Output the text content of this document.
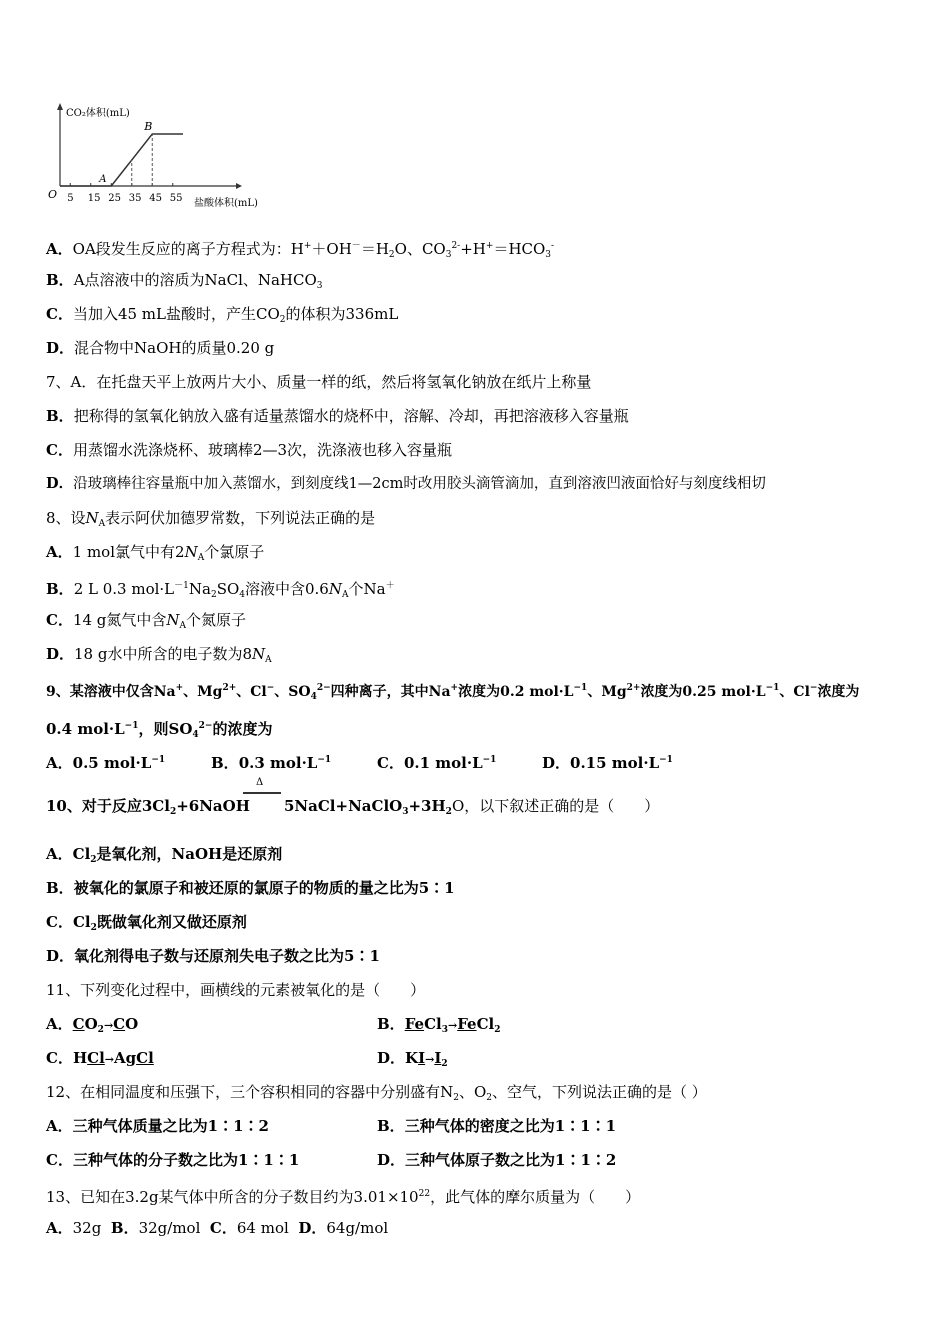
CO₂体积(mL)
O
盐酸体积(mL)
5 15 25 35 45 55
A
B
A．OA段发生反应的离子方程式为：$H^++OH^-=H_2O$、$CO_3^{2-}+H^+=HCO_3^-$
B．A点溶液中的溶质为NaCl、NaHCO$_3$
C．当加入45 mL盐酸时，产生$CO_2$的体积为336mL
D．混合物中NaOH的质量0.20 g
7、A．在托盘天平上放两片大小、质量一样的纸，然后将氢氧化钠放在纸片上称量
B．把称得的氢氧化钠放入盛有适量蒸馏水的烧杯中，溶解、冷却，再把溶液移入容量瓶
C．用蒸馏水洗涤烧杯、玻璃棒2—3次，洗涤液也移入容量瓶
D．沿玻璃棒往容量瓶中加入蒸馏水，到刻度线1—2cm时改用胶头滴管滴加，直到溶液凹液面恰好与刻度线相切
8、设$N_A$表示阿伏加德罗常数，下列说法正确的是
A．1 mol氯气中有$2N_A$个氯原子
B．2 L 0.3 $mol\cdot L^{-1}Na_2SO_4$溶液中含$0.6N_A$个Na＋
C．14 g氮气中含$N_A$个氮原子
D．18 g水中所含的电子数为$8N_A$
9、某溶液中仅含Na+、$Mg^{2+}$、Cl−、$SO_4^{2-}$四种离子，其中Na+浓度为0.2 $mol\cdot L^{-1}$、$Mg^{2+}$浓度为0.25 $mol\cdot L^{-1}$、Cl−浓度为
0.4 $mol\cdot L^{-1}$，则$SO_4^{2-}$的浓度为
A．0.5 $mol\cdot L^{-1}$	B．0.3 $mol\cdot L^{-1}$	C．0.1 $mol\cdot L^{-1}$	D．0.15 $mol\cdot L^{-1}$
10、对于反应$3Cl_2+6NaOH$
Δ
$5NaCl+NaClO_3+3H_2O$，以下叙述正确的是（　　）
A．$Cl_2$是氧化剂，NaOH是还原剂
B．被氧化的氯原子和被还原的氯原子的物质的量之比为5∶1
C．$Cl_2$既做氧化剂又做还原剂
D．氧化剂得电子数与还原剂失电子数之比为5∶1
11、下列变化过程中，画横线的元素被氧化的是（　　）
A．$CO_2\to CO$	B．FeCl$_3$→FeCl$_2$
C．HCl→AgCl	D．$KI\to I_2$
12、在相同温度和压强下，三个容积相同的容器中分别盛有$N_2$、$O_2$、空气，下列说法正确的是（ ）
A．三种气体质量之比为1∶1∶2	B．三种气体的密度之比为1∶1∶1
C．三种气体的分子数之比为1∶1∶1	D．三种气体原子数之比为1∶1∶2
13、已知在3.2g某气体中所含的分子数目约为$3.01\times 10^{22}$，此气体的摩尔质量为（　　）
A．32g B．32g/mol C．64 mol D．64g/mol
